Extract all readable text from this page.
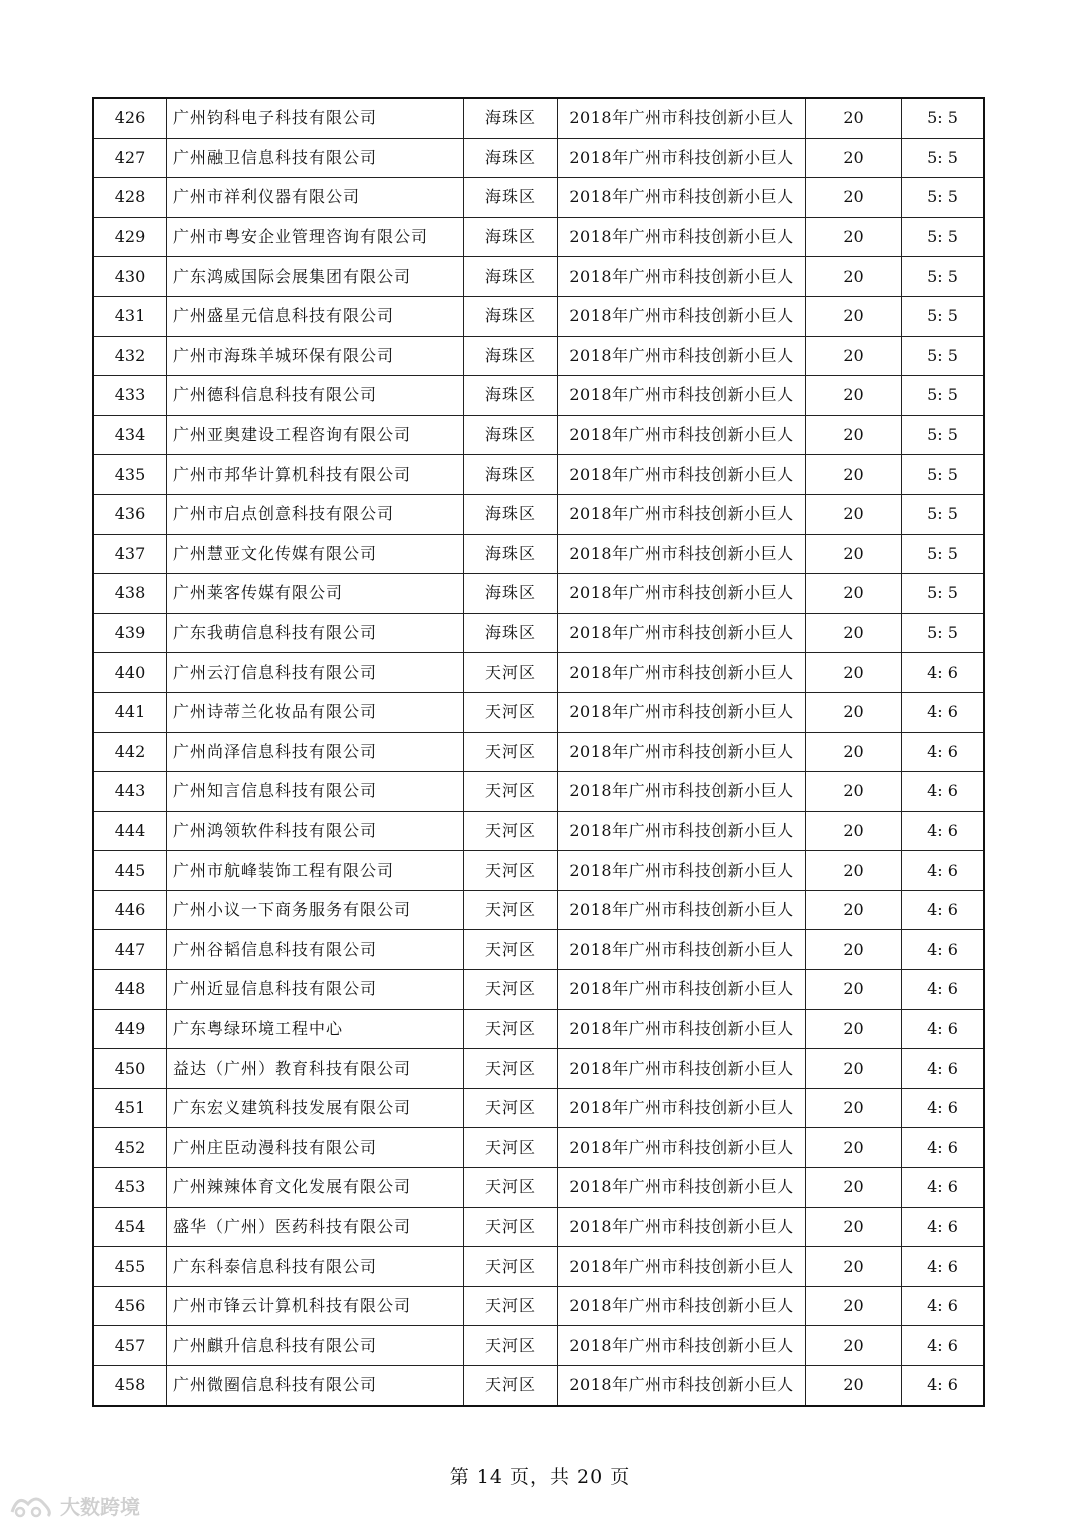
426	广州钧科电子科技有限公司	海珠区	2018年广州市科技创新小巨人	20	5: 5
427	广州融卫信息科技有限公司	海珠区	2018年广州市科技创新小巨人	20	5: 5
428	广州市祥利仪器有限公司	海珠区	2018年广州市科技创新小巨人	20	5: 5
429	广州市粤安企业管理咨询有限公司	海珠区	2018年广州市科技创新小巨人	20	5: 5
430	广东鸿威国际会展集团有限公司	海珠区	2018年广州市科技创新小巨人	20	5: 5
431	广州盛星元信息科技有限公司	海珠区	2018年广州市科技创新小巨人	20	5: 5
432	广州市海珠羊城环保有限公司	海珠区	2018年广州市科技创新小巨人	20	5: 5
433	广州德科信息科技有限公司	海珠区	2018年广州市科技创新小巨人	20	5: 5
434	广州亚奥建设工程咨询有限公司	海珠区	2018年广州市科技创新小巨人	20	5: 5
435	广州市邦华计算机科技有限公司	海珠区	2018年广州市科技创新小巨人	20	5: 5
436	广州市启点创意科技有限公司	海珠区	2018年广州市科技创新小巨人	20	5: 5
437	广州慧亚文化传媒有限公司	海珠区	2018年广州市科技创新小巨人	20	5: 5
438	广州莱客传媒有限公司	海珠区	2018年广州市科技创新小巨人	20	5: 5
439	广东我萌信息科技有限公司	海珠区	2018年广州市科技创新小巨人	20	5: 5
440	广州云汀信息科技有限公司	天河区	2018年广州市科技创新小巨人	20	4: 6
441	广州诗蒂兰化妆品有限公司	天河区	2018年广州市科技创新小巨人	20	4: 6
442	广州尚泽信息科技有限公司	天河区	2018年广州市科技创新小巨人	20	4: 6
443	广州知言信息科技有限公司	天河区	2018年广州市科技创新小巨人	20	4: 6
444	广州鸿领软件科技有限公司	天河区	2018年广州市科技创新小巨人	20	4: 6
445	广州市航峰装饰工程有限公司	天河区	2018年广州市科技创新小巨人	20	4: 6
446	广州小议一下商务服务有限公司	天河区	2018年广州市科技创新小巨人	20	4: 6
447	广州谷韬信息科技有限公司	天河区	2018年广州市科技创新小巨人	20	4: 6
448	广州近显信息科技有限公司	天河区	2018年广州市科技创新小巨人	20	4: 6
449	广东粤绿环境工程中心	天河区	2018年广州市科技创新小巨人	20	4: 6
450	益达（广州）教育科技有限公司	天河区	2018年广州市科技创新小巨人	20	4: 6
451	广东宏义建筑科技发展有限公司	天河区	2018年广州市科技创新小巨人	20	4: 6
452	广州庄臣动漫科技有限公司	天河区	2018年广州市科技创新小巨人	20	4: 6
453	广州辣辣体育文化发展有限公司	天河区	2018年广州市科技创新小巨人	20	4: 6
454	盛华（广州）医药科技有限公司	天河区	2018年广州市科技创新小巨人	20	4: 6
455	广东科泰信息科技有限公司	天河区	2018年广州市科技创新小巨人	20	4: 6
456	广州市锋云计算机科技有限公司	天河区	2018年广州市科技创新小巨人	20	4: 6
457	广州麒升信息科技有限公司	天河区	2018年广州市科技创新小巨人	20	4: 6
458	广州微圈信息科技有限公司	天河区	2018年广州市科技创新小巨人	20	4: 6
第 14 页，共 20 页
大数跨境
